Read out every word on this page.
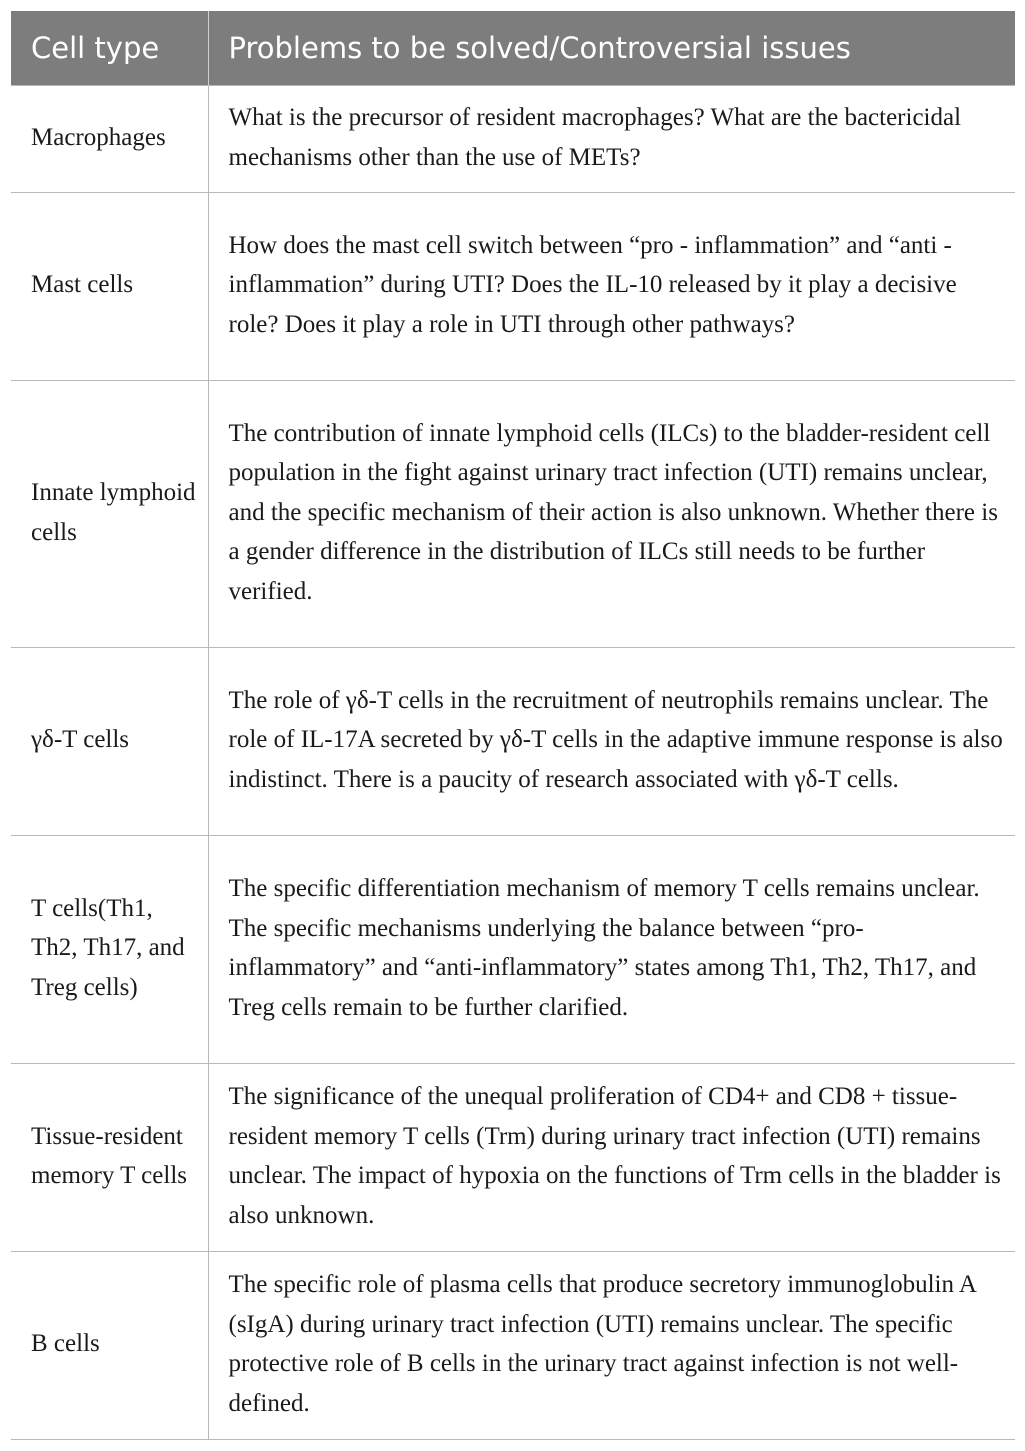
Cell type	Problems to be solved/Controversial issues
Macrophages	What is the precursor of resident macrophages? What are the bactericidal mechanisms other than the use of METs?
Mast cells	How does the mast cell switch between “pro - inflammation” and “anti - inflammation” during UTI? Does the IL-10 released by it play a decisive role? Does it play a role in UTI through other pathways?
Innate lymphoid cells	The contribution of innate lymphoid cells (ILCs) to the bladder-resident cell population in the fight against urinary tract infection (UTI) remains unclear, and the specific mechanism of their action is also unknown. Whether there is a gender difference in the distribution of ILCs still needs to be further verified.
γδ-T cells	The role of γδ-T cells in the recruitment of neutrophils remains unclear. The role of IL-17A secreted by γδ-T cells in the adaptive immune response is also indistinct. There is a paucity of research associated with γδ-T cells.
T cells(Th1, Th2, Th17, and Treg cells)	The specific differentiation mechanism of memory T cells remains unclear. The specific mechanisms underlying the balance between “pro-inflammatory” and “anti-inflammatory” states among Th1, Th2, Th17, and Treg cells remain to be further clarified.
Tissue-resident memory T cells	The significance of the unequal proliferation of CD4+ and CD8 + tissue-resident memory T cells (Trm) during urinary tract infection (UTI) remains unclear. The impact of hypoxia on the functions of Trm cells in the bladder is also unknown.
B cells	The specific role of plasma cells that produce secretory immunoglobulin A (sIgA) during urinary tract infection (UTI) remains unclear. The specific protective role of B cells in the urinary tract against infection is not well-defined.
